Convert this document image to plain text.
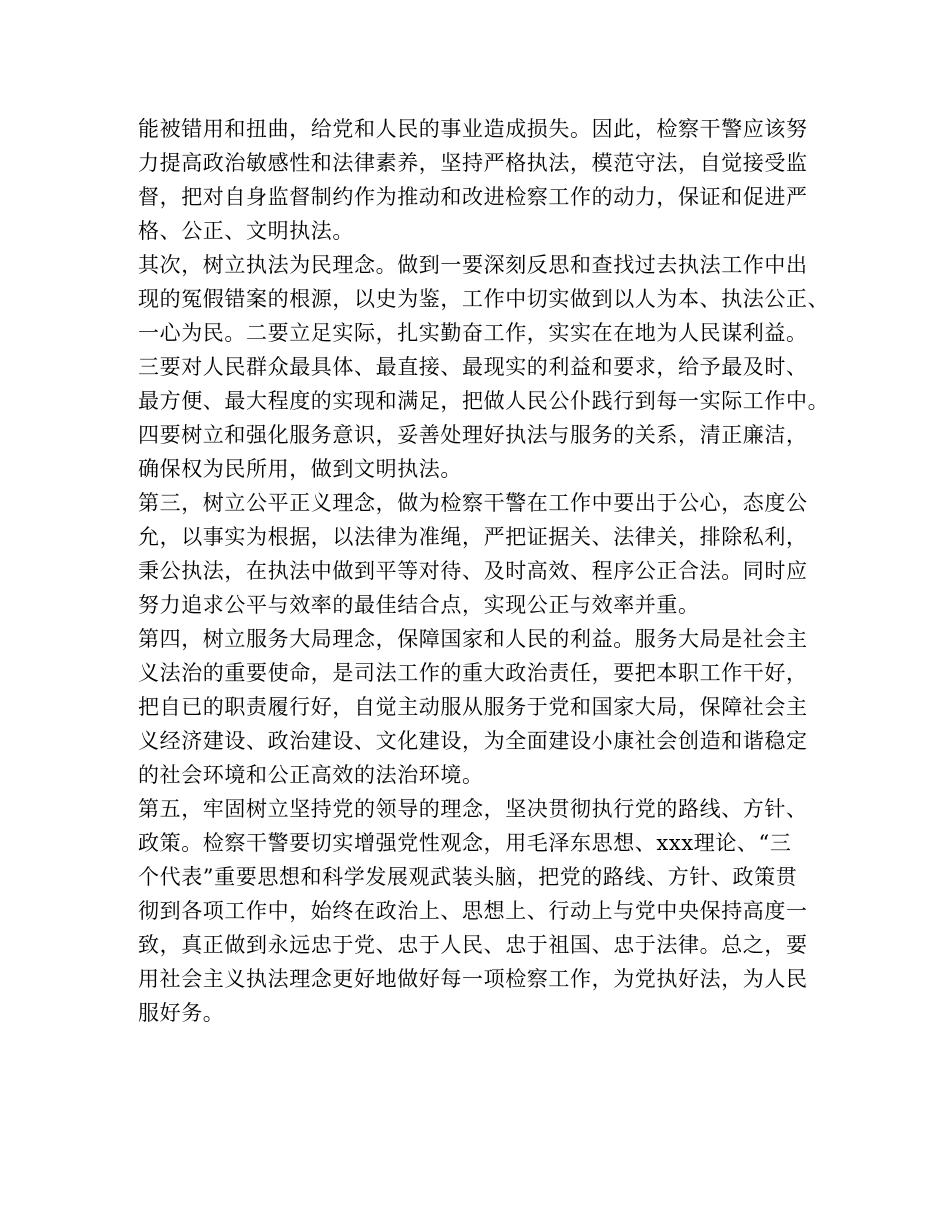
能被错用和扭曲，给党和人民的事业造成损失。因此，检察干警应该努
力提高政治敏感性和法律素养，坚持严格执法，模范守法，自觉接受监
督，把对自身监督制约作为推动和改进检察工作的动力，保证和促进严
格、公正、文明执法。
其次，树立执法为民理念。做到一要深刻反思和查找过去执法工作中出
现的冤假错案的根源，以史为鉴，工作中切实做到以人为本、执法公正、
一心为民。二要立足实际，扎实勤奋工作，实实在在地为人民谋利益。
三要对人民群众最具体、最直接、最现实的利益和要求，给予最及时、
最方便、最大程度的实现和满足，把做人民公仆践行到每一实际工作中。
四要树立和强化服务意识，妥善处理好执法与服务的关系，清正廉洁，
确保权为民所用，做到文明执法。
第三，树立公平正义理念，做为检察干警在工作中要出于公心，态度公
允，以事实为根据，以法律为准绳，严把证据关、法律关，排除私利，
秉公执法，在执法中做到平等对待、及时高效、程序公正合法。同时应
努力追求公平与效率的最佳结合点，实现公正与效率并重。
第四，树立服务大局理念，保障国家和人民的利益。服务大局是社会主
义法治的重要使命，是司法工作的重大政治责任，要把本职工作干好，
把自已的职责履行好，自觉主动服从服务于党和国家大局，保障社会主
义经济建设、政治建设、文化建设，为全面建设小康社会创造和谐稳定
的社会环境和公正高效的法治环境。
第五，牢固树立坚持党的领导的理念，坚决贯彻执行党的路线、方针、
政策。检察干警要切实增强党性观念，用毛泽东思想、xxx理论、“三
个代表”重要思想和科学发展观武装头脑，把党的路线、方针、政策贯
彻到各项工作中，始终在政治上、思想上、行动上与党中央保持高度一
致，真正做到永远忠于党、忠于人民、忠于祖国、忠于法律。总之，要
用社会主义执法理念更好地做好每一项检察工作，为党执好法，为人民
服好务。
